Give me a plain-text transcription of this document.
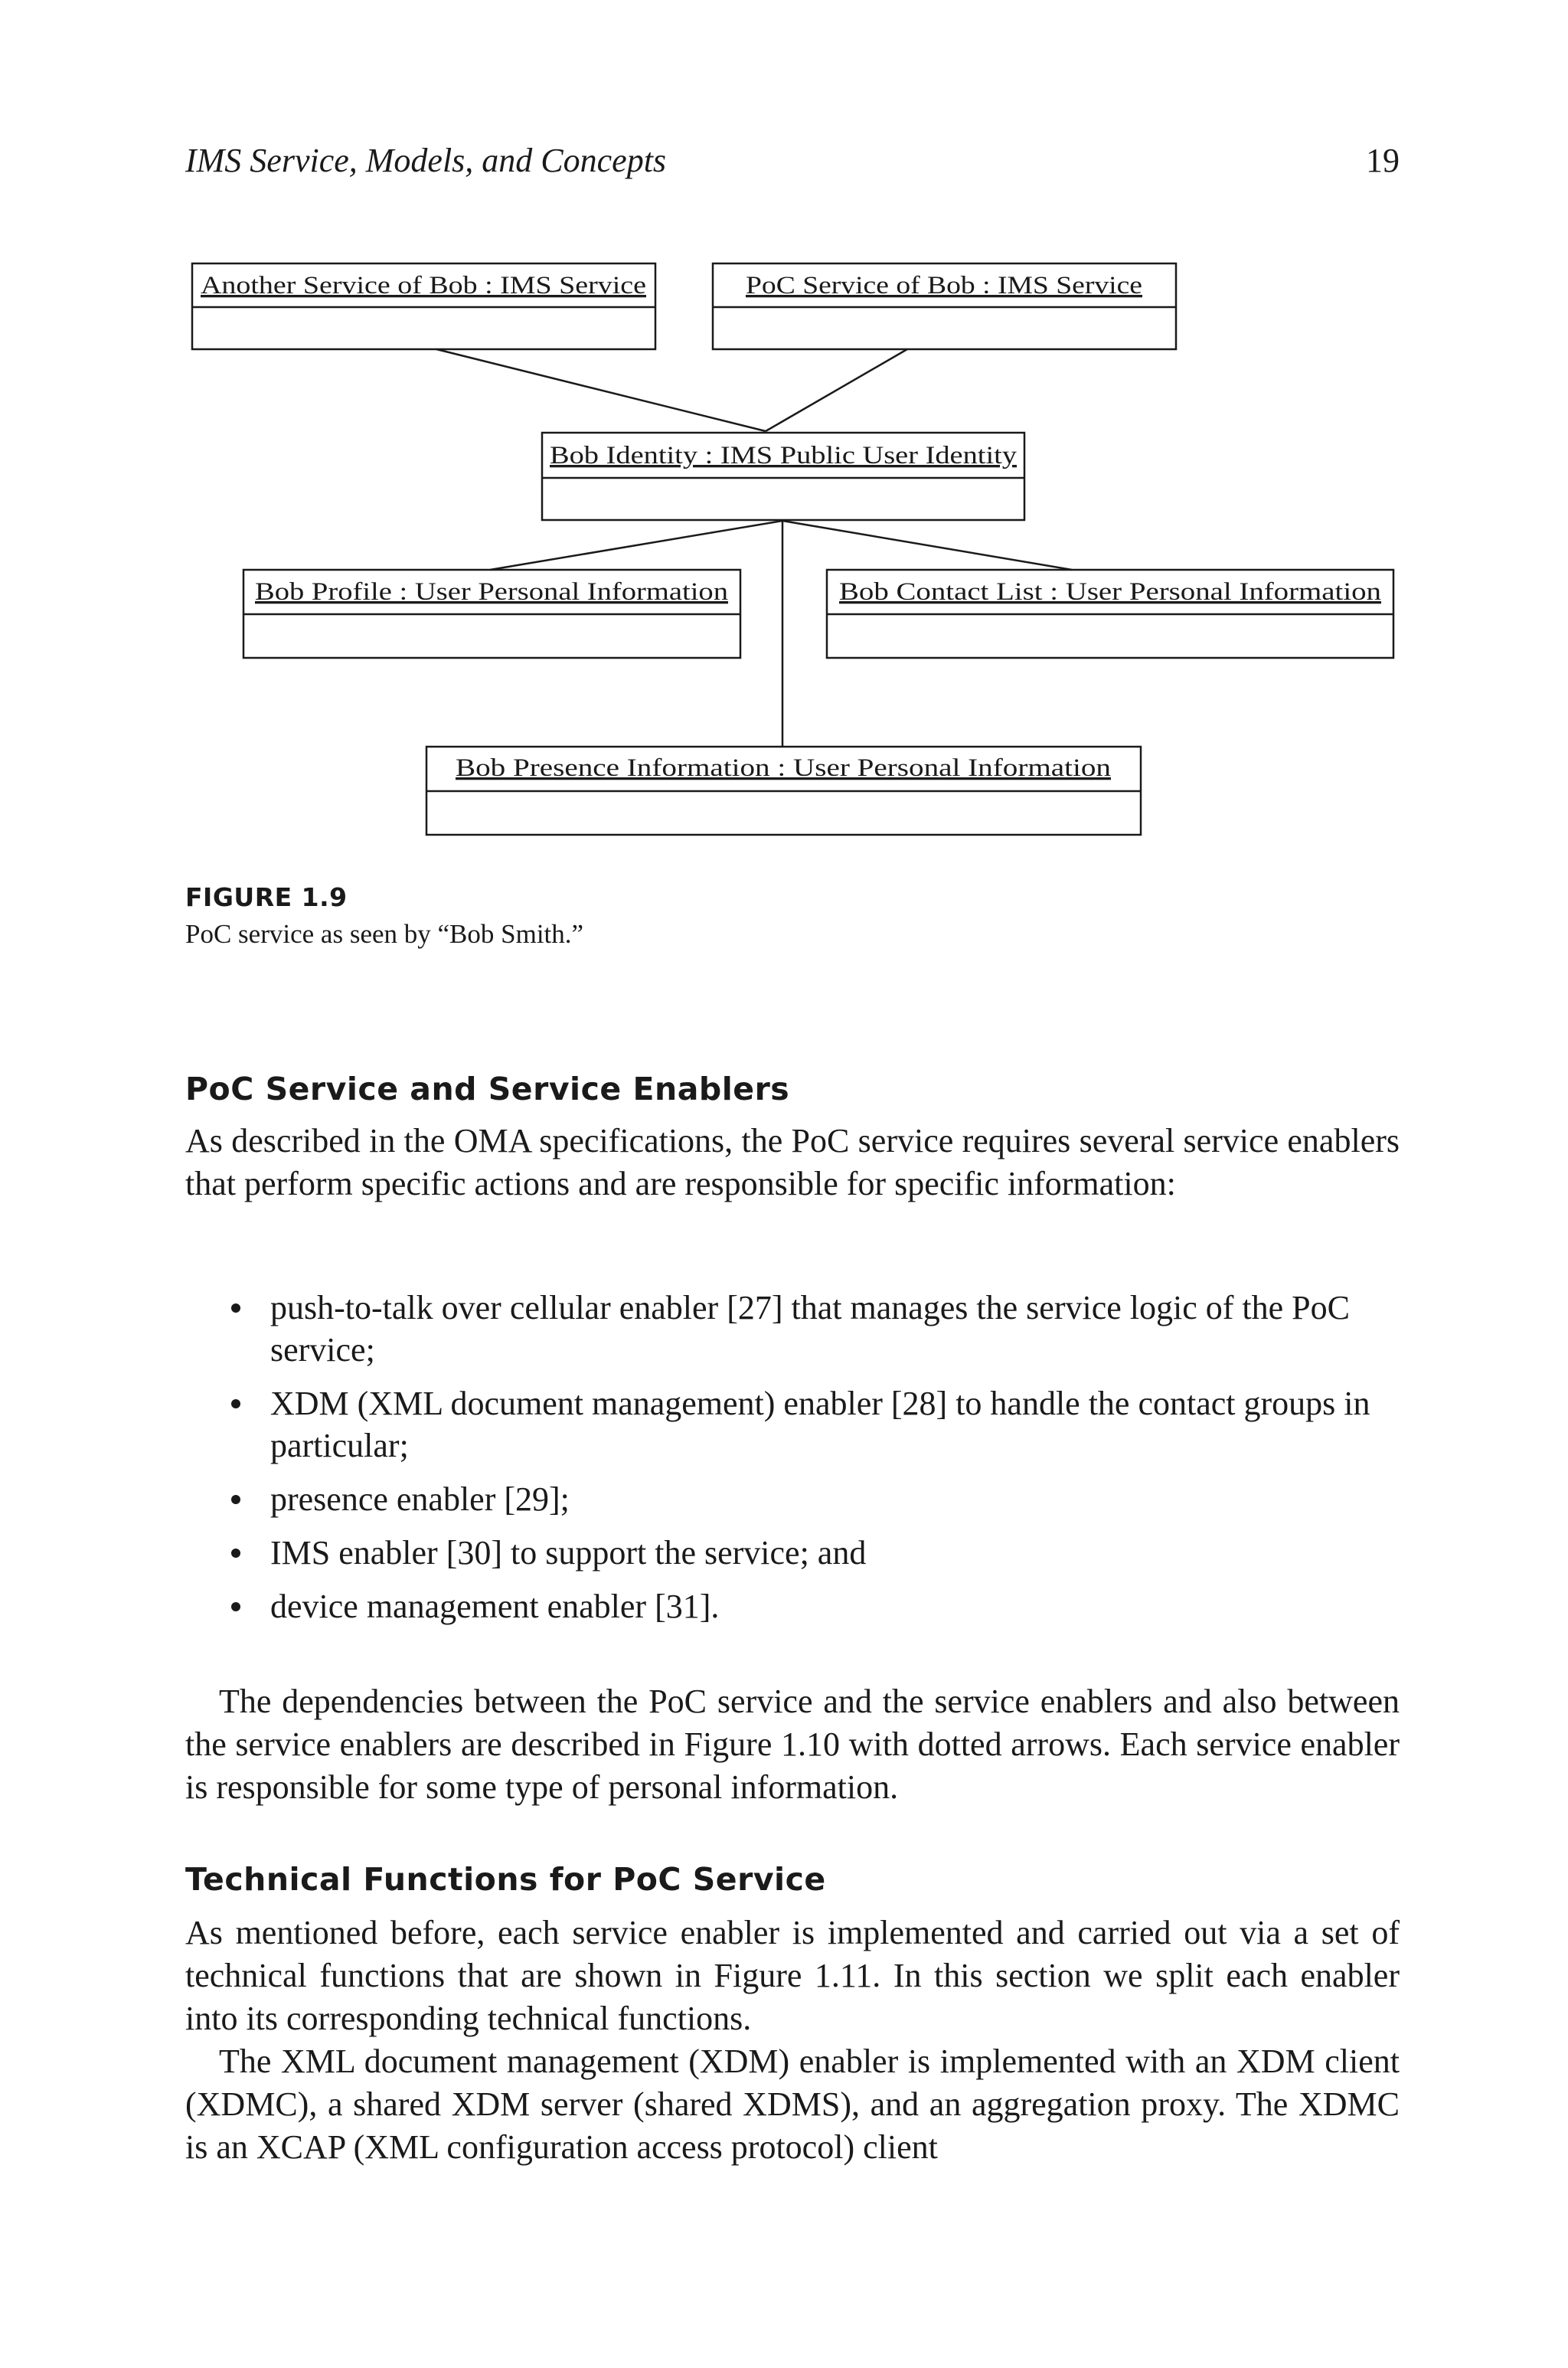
IMS Service, Models, and Concepts	19
Another Service of Bob : IMS Service	PoC Service of Bob : IMS Service
Bob Identity : IMS Public User Identity
Bob Profile : User Personal Information	Bob Contact List : User Personal Information
Bob Presence Information : User Personal Information
FIGURE 1.9
PoC service as seen by “Bob Smith.”
PoC Service and Service Enablers

As described in the OMA specifications, the PoC service requires several service enablers that perform specific actions and are responsible for specific information:

push-to-talk over cellular enabler [27] that manages the service logic of the PoC service;
XDM (XML document management) enabler [28] to handle the contact groups in particular;
presence enabler [29];
IMS enabler [30] to support the service; and
device management enabler [31].

The dependencies between the PoC service and the service enablers and also between the service enablers are described in Figure 1.10 with dotted arrows. Each service enabler is responsible for some type of personal information.

Technical Functions for PoC Service

As mentioned before, each service enabler is implemented and carried out via a set of technical functions that are shown in Figure 1.11. In this section we split each enabler into its corresponding technical functions.

The XML document management (XDM) enabler is implemented with an XDM client (XDMC), a shared XDM server (shared XDMS), and an aggregation proxy. The XDMC is an XCAP (XML configuration access protocol) client
